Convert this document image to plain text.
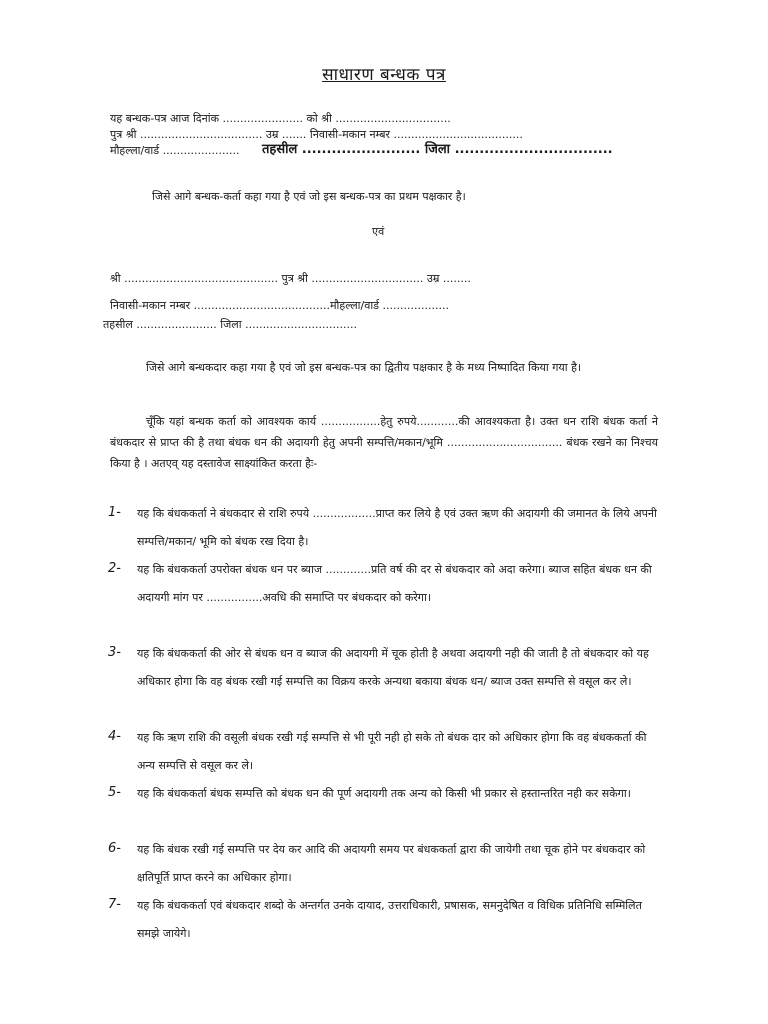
साधारण बन्धक पत्र
यह बन्धक-पत्र आज दिनांक ....................... को श्री .................................
पुत्र श्री ................................... उम्र ....... निवासी-मकान नम्बर .....................................
मौहल्ला/वार्ड ...................... तहसील ........................ जिला ................................
जिसे आगे बन्धक-कर्ता कहा गया है एवं जो इस बन्धक-पत्र का प्रथम पक्षकार है।
एवं
श्री ............................................ पुत्र श्री ................................ उम्र ........
निवासी-मकान नम्बर .......................................मौहल्ला/वार्ड ...................
तहसील ....................... जिला ................................
जिसे आगे बन्धकदार कहा गया है एवं जो इस बन्धक-पत्र का द्वितीय पक्षकार है के मध्य निष्पादित किया गया है।
चूँकि यहां बन्धक कर्ता को आवश्यक कार्य .................हेतु रुपये............की आवश्यकता है। उक्त धन राशि बंधक कर्ता ने बंधकदार से प्राप्त की है तथा बंधक धन की अदायगी हेतु अपनी सम्पत्ति/मकान/भूमि ................................. बंधक रखने का निश्चय किया है । अतएव् यह दस्तावेज साक्ष्यांकित करता हैः-
1- यह कि बंधककर्ता ने बंधकदार से राशि रुपये ..................प्राप्त कर लिये है एवं उक्त ऋण की अदायगी की जमानत के लिये अपनी सम्पत्ति/मकान/ भूमि को बंधक रख दिया है।
2- यह कि बंधककर्ता उपरोक्त बंधक धन पर ब्याज .............प्रति वर्ष की दर से बंधकदार को अदा करेगा। ब्याज सहित बंधक धन की अदायगी मांग पर ................अवधि की समाप्ति पर बंधकदार को करेगा।
3- यह कि बंधककर्ता की ओर से बंधक धन व ब्याज की अदायगी में चूक होती है अथवा अदायगी नही की जाती है तो बंधकदार को यह अधिकार होगा कि वह बंधक रखी गई सम्पत्ति का विक्रय करके अन्यथा बकाया बंधक धन/ ब्याज उक्त सम्पत्ति से वसूल कर ले।
4- यह कि ऋण राशि की वसूली बंधक रखी गई सम्पत्ति से भी पूरी नही हो सके तो बंधक दार को अधिकार होगा कि वह बंधककर्ता की अन्य सम्पत्ति से वसूल कर ले।
5- यह कि बंधककर्ता बंधक सम्पत्ति को बंधक धन की पूर्ण अदायगी तक अन्य को किसी भी प्रकार से हस्तान्तरित नही कर सकेगा।
6- यह कि बंधक रखी गई सम्पत्ति पर देय कर आदि की अदायगी समय पर बंधककर्ता द्वारा की जायेगी तथा चूक होने पर बंधकदार को क्षतिपूर्ति प्राप्त करने का अधिकार होगा।
7- यह कि बंधककर्ता एवं बंधकदार शब्दो के अन्तर्गत उनके दायाद, उत्तराधिकारी, प्रषासक, समनुदेषित व विधिक प्रतिनिधि सम्मिलित समझे जायेगे।
